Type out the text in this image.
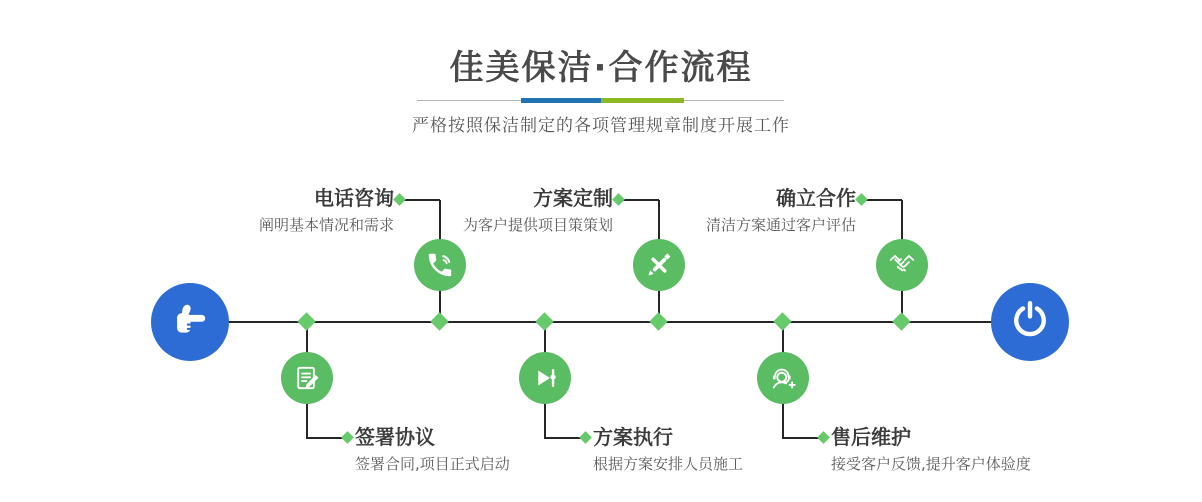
佳美保洁·合作流程
严格按照保洁制定的各项管理规章制度开展工作
电话咨询
阐明基本情况和需求
方案定制
为客户提供项目策策划
确立合作
清洁方案通过客户评估
签署协议
签署合同,项目正式启动
方案执行
根据方案安排人员施工
售后维护
接受客户反馈,提升客户体验度
